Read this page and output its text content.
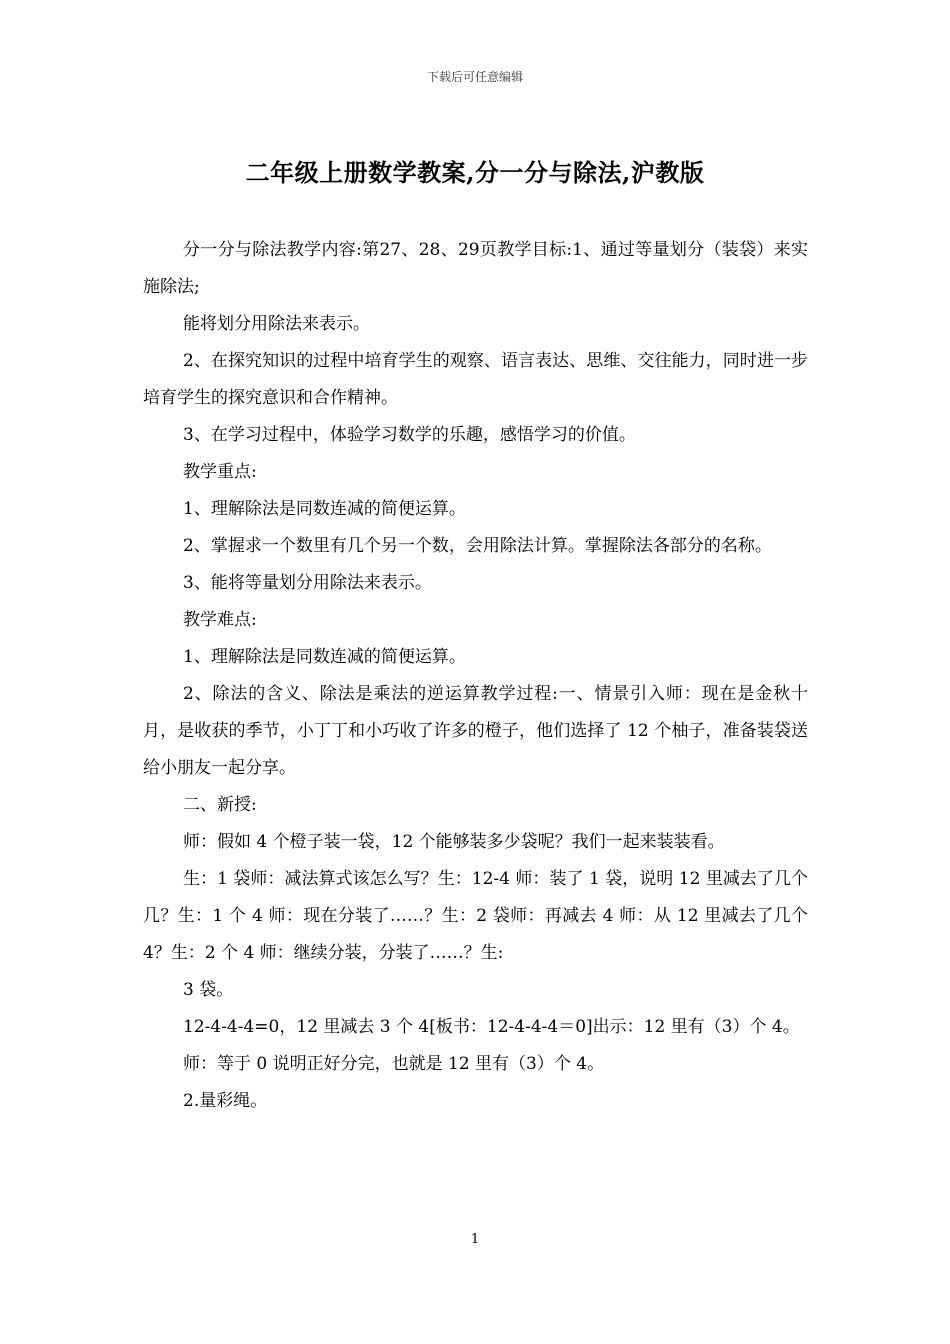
下载后可任意编辑
二年级上册数学教案,分一分与除法,沪教版

分一分与除法教学内容:第27、28、29页教学目标:1、通过等量划分（装袋）来实施除法;

能将划分用除法来表示。

2、在探究知识的过程中培育学生的观察、语言表达、思维、交往能力，同时进一步培育学生的探究意识和合作精神。

3、在学习过程中，体验学习数学的乐趣，感悟学习的价值。

教学重点:

1、理解除法是同数连减的简便运算。

2、掌握求一个数里有几个另一个数，会用除法计算。掌握除法各部分的名称。

3、能将等量划分用除法来表示。

教学难点:

1、理解除法是同数连减的简便运算。

2、除法的含义、除法是乘法的逆运算教学过程:一、情景引入师：现在是金秋十月，是收获的季节，小丁丁和小巧收了许多的橙子，他们选择了 12 个柚子，准备装袋送给小朋友一起分享。

二、新授:

师：假如 4 个橙子装一袋，12 个能够装多少袋呢？我们一起来装装看。

生：1 袋师：减法算式该怎么写？生：12-4 师：装了 1 袋，说明 12 里减去了几个几？生：1 个 4 师：现在分装了……？生：2 袋师：再减去 4 师：从 12 里减去了几个 4？生：2 个 4 师：继续分装，分装了……？生:

3 袋。

12-4-4-4=0，12 里减去 3 个 4[板书：12-4-4-4＝0]出示：12 里有（3）个 4。

师：等于 0 说明正好分完，也就是 12 里有（3）个 4。

2.量彩绳。

1
